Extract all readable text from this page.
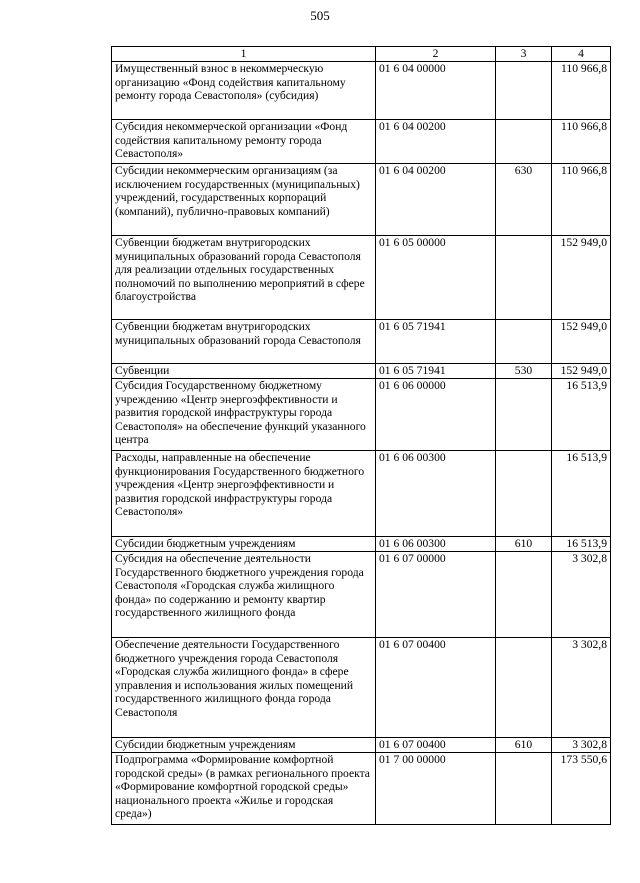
505
1	2	3	4
Имущественный взнос в некоммерческую организацию «Фонд содействия капитальному ремонту города Севастополя» (субсидия)	01 6 04 00000		110 966,8
Субсидия некоммерческой организации «Фонд содействия капитальному ремонту города Севастополя»	01 6 04 00200		110 966,8
Субсидии некоммерческим организациям (за исключением государственных (муниципальных) учреждений, государственных корпораций (компаний), публично-правовых компаний)	01 6 04 00200	630	110 966,8
Субвенции бюджетам внутригородских муниципальных образований города Севастополя для реализации отдельных государственных полномочий по выполнению мероприятий в сфере благоустройства	01 6 05 00000		152 949,0
Субвенции бюджетам внутригородских муниципальных образований города Севастополя	01 6 05 71941		152 949,0
Субвенции	01 6 05 71941	530	152 949,0
Субсидия Государственному бюджетному учреждению «Центр энергоэффективности и развития городской инфраструктуры города Севастополя» на обеспечение функций указанного центра	01 6 06 00000		16 513,9
Расходы, направленные на обеспечение функционирования Государственного бюджетного учреждения «Центр энергоэффективности и развития городской инфраструктуры города Севастополя»	01 6 06 00300		16 513,9
Субсидии бюджетным учреждениям	01 6 06 00300	610	16 513,9
Субсидия на обеспечение деятельности Государственного бюджетного учреждения города Севастополя «Городская служба жилищного фонда» по содержанию и ремонту квартир государственного жилищного фонда	01 6 07 00000		3 302,8
Обеспечение деятельности Государственного бюджетного учреждения города Севастополя «Городская служба жилищного фонда» в сфере управления и использования жилых помещений государственного жилищного фонда города Севастополя	01 6 07 00400		3 302,8
Субсидии бюджетным учреждениям	01 6 07 00400	610	3 302,8
Подпрограмма «Формирование комфортной городской среды» (в рамках регионального проекта «Формирование комфортной городской среды» национального проекта «Жилье и городская среда»)	01 7 00 00000		173 550,6
